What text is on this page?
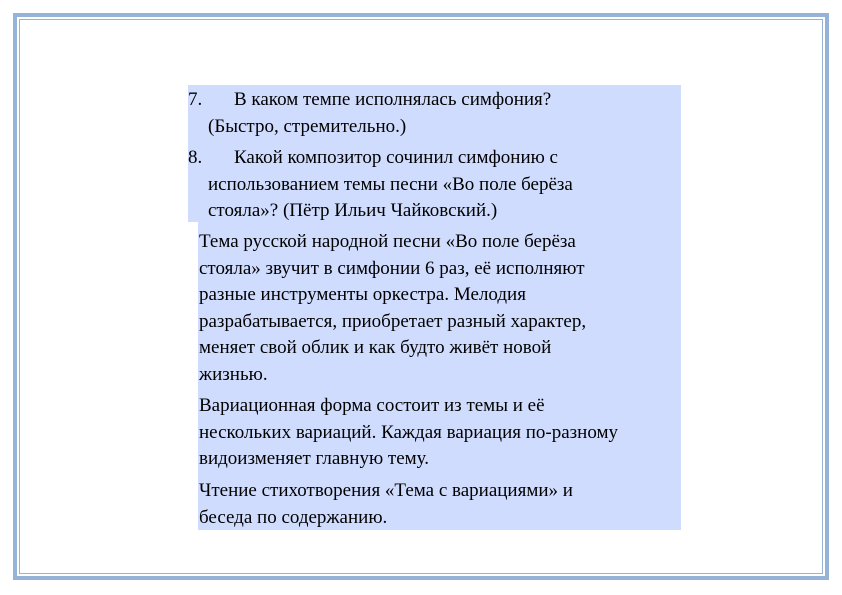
7. В каком темпе исполнялась симфония?
(Быстро, стремительно.)
8. Какой композитор сочинил симфонию с
использованием темы песни «Во поле берёза
стояла»? (Пётр Ильич Чайковский.)
Тема русской народной песни «Во поле берёза
стояла» звучит в симфонии 6 раз, её исполняют
разные инструменты оркестра. Мелодия
разрабатывается, приобретает разный характер,
меняет свой облик и как будто живёт новой
жизнью.
Вариационная форма состоит из темы и её
нескольких вариаций. Каждая вариация по-разному
видоизменяет главную тему.
Чтение стихотворения «Тема с вариациями» и
беседа по содержанию.
